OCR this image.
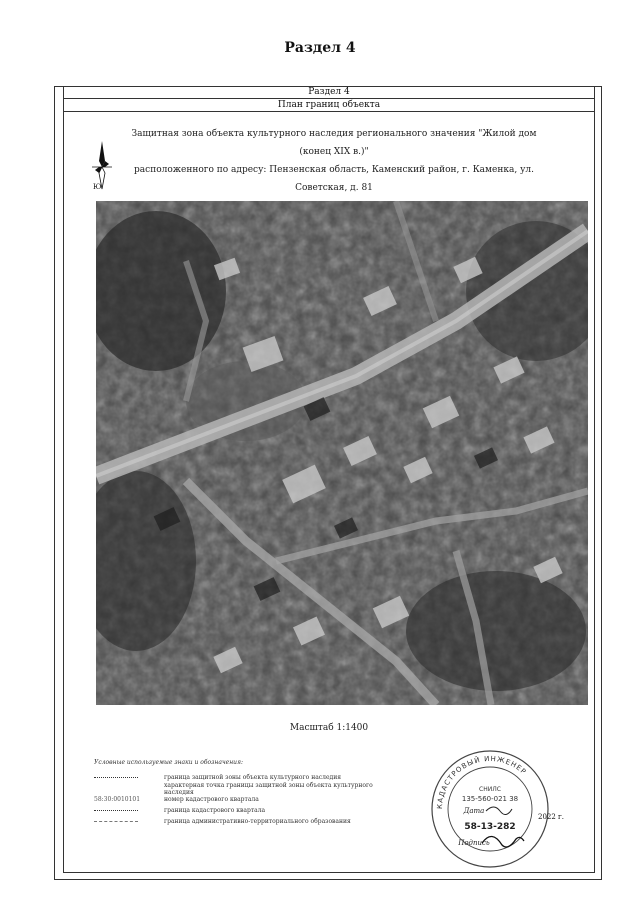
Раздел 4
Раздел 4
План границ объекта
Ю
Защитная зона объекта культурного наследия регионального значения "Жилой дом (конец XIX в.)"
расположенного по адресу: Пензенская область, Каменский район, г. Каменка, ул. Советская, д. 81
Масштаб 1:1400
Условные используемые знаки и обозначения:
граница защитной зоны объекта культурного наследия
характерная точка границы защитной зоны объекта культурного наследия
58:30:0010101	номер кадастрового квартала
граница кадастрового квартала
граница административно-территориального образования
КАДАСТРОВЫЙ ИНЖЕНЕР
СНИЛС
135-560-021 38
Дата
58-13-282
Подпись
2022 г.
